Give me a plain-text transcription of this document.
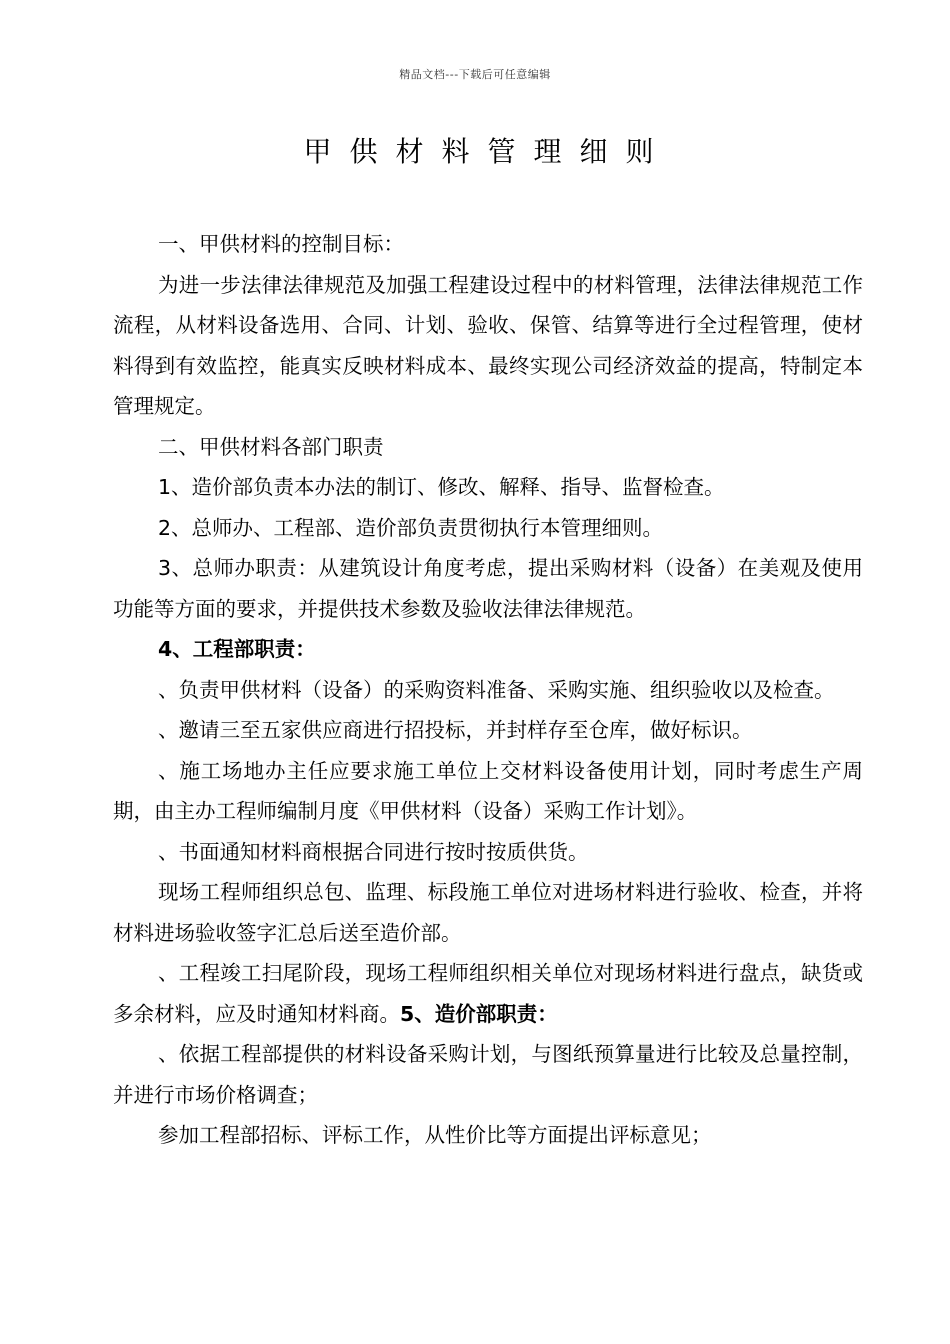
精品文档---下载后可任意编辑
甲供材料管理细则

一、甲供材料的控制目标：

为进一步法律法律规范及加强工程建设过程中的材料管理，法律法律规范工作流程，从材料设备选用、合同、计划、验收、保管、结算等进行全过程管理，使材料得到有效监控，能真实反映材料成本、最终实现公司经济效益的提高，特制定本管理规定。

二、甲供材料各部门职责

1、造价部负责本办法的制订、修改、解释、指导、监督检查。

2、总师办、工程部、造价部负责贯彻执行本管理细则。

3、总师办职责：从建筑设计角度考虑，提出采购材料（设备）在美观及使用功能等方面的要求，并提供技术参数及验收法律法律规范。

4、工程部职责：

、负责甲供材料（设备）的采购资料准备、采购实施、组织验收以及检查。

、邀请三至五家供应商进行招投标，并封样存至仓库，做好标识。

、施工场地办主任应要求施工单位上交材料设备使用计划，同时考虑生产周期，由主办工程师编制月度《甲供材料（设备）采购工作计划》。

、书面通知材料商根据合同进行按时按质供货。

现场工程师组织总包、监理、标段施工单位对进场材料进行验收、检查，并将材料进场验收签字汇总后送至造价部。

、工程竣工扫尾阶段，现场工程师组织相关单位对现场材料进行盘点，缺货或多余材料，应及时通知材料商。5、造价部职责：

、依据工程部提供的材料设备采购计划，与图纸预算量进行比较及总量控制，并进行市场价格调查；

参加工程部招标、评标工作，从性价比等方面提出评标意见；
